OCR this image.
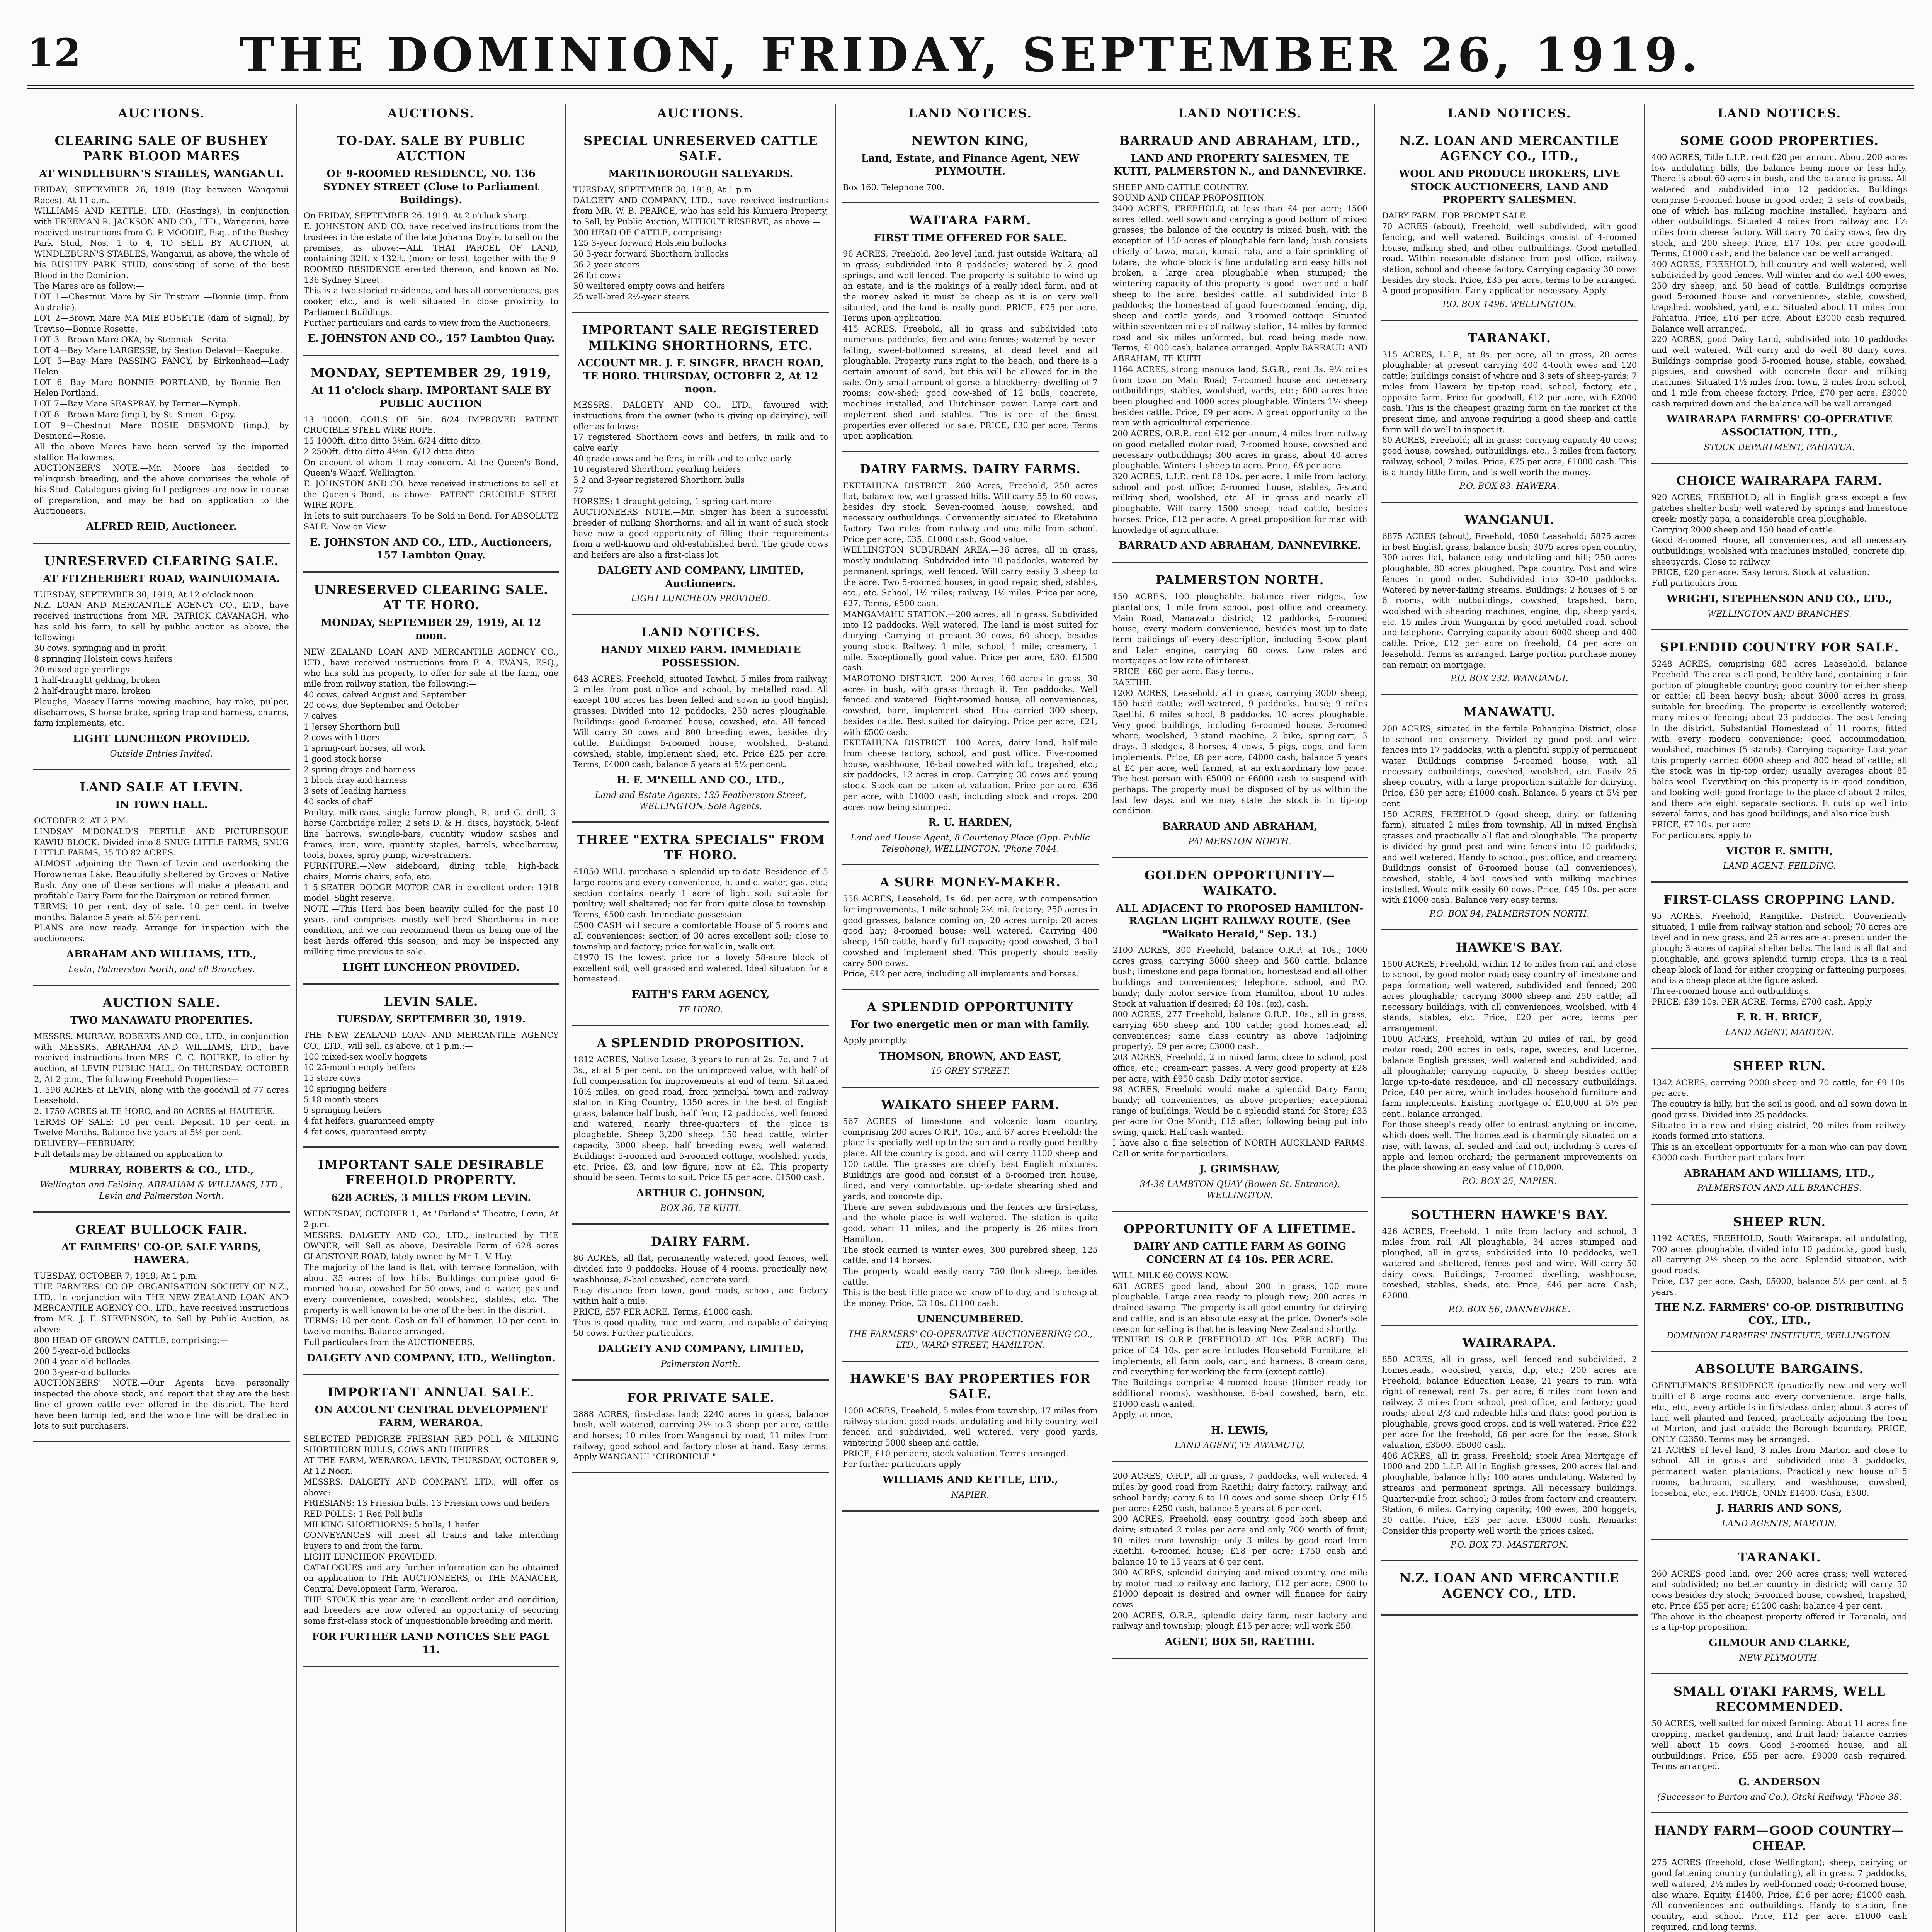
12	THE DOMINION, FRIDAY, SEPTEMBER 26, 1919.
AUCTIONS.
CLEARING SALE OF BUSHEY PARK BLOOD MARES
AT WINDLEBURN'S STABLES, WANGANUI.
FRIDAY, SEPTEMBER 26, 1919 (Day between Wanganui Races), At 11 a.m.
WILLIAMS AND KETTLE, LTD. (Hastings), in conjunction with FREEMAN R. JACKSON AND CO., LTD., Wanganui, have received instructions from G. P. MOODIE, Esq., of the Bushey Park Stud, Nos. 1 to 4, TO SELL BY AUCTION, at WINDLEBURN'S STABLES, Wanganui, as above, the whole of his BUSHEY PARK STUD, consisting of some of the best Blood in the Dominion.
The Mares are as follow:—
LOT 1—Chestnut Mare by Sir Tristram —Bonnie (imp. from Australia).
LOT 2—Brown Mare MA MIE BOSETTE (dam of Signal), by Treviso—Bonnie Rosette.
LOT 3—Brown Mare OKA, by Stepniak—Serita.
LOT 4—Bay Mare LARGESSE, by Seaton Delaval—Kaepuke.
LOT 5—Bay Mare PASSING FANCY, by Birkenhead—Lady Helen.
LOT 6—Bay Mare BONNIE PORTLAND, by Bonnie Ben—Helen Portland.
LOT 7—Bay Mare SEASPRAY, by Terrier—Nymph.
LOT 8—Brown Mare (imp.), by St. Simon—Gipsy.
LOT 9—Chestnut Mare ROSIE DESMOND (imp.), by Desmond—Rosie.
All the above Mares have been served by the imported stallion Hallowmas.
AUCTIONEER'S NOTE.—Mr. Moore has decided to relinquish breeding, and the above comprises the whole of his Stud. Catalogues giving full pedigrees are now in course of preparation, and may be had on application to the Auctioneers.
ALFRED REID, Auctioneer.
UNRESERVED CLEARING SALE.
AT FITZHERBERT ROAD, WAINUIOMATA.
TUESDAY, SEPTEMBER 30, 1919, At 12 o'clock noon.
N.Z. LOAN AND MERCANTILE AGENCY CO., LTD., have received instructions from MR. PATRICK CAVANAGH, who has sold his farm, to sell by public auction as above, the following:—
30 cows, springing and in profit
8 springing Holstein cows heifers
20 mixed age yearlings
1 half-draught gelding, broken
2 half-draught mare, broken
Ploughs, Massey-Harris mowing machine, hay rake, pulper, discharrows, S-horse brake, spring trap and harness, churns, farm implements, etc.
LIGHT LUNCHEON PROVIDED.
Outside Entries Invited.
LAND SALE AT LEVIN.
IN TOWN HALL.
OCTOBER 2. AT 2 P.M.
LINDSAY M'DONALD'S FERTILE AND PICTURESQUE KAWIU BLOCK. Divided into 8 SNUG LITTLE FARMS, SNUG LITTLE FARMS, 35 TO 82 ACRES.
ALMOST adjoining the Town of Levin and overlooking the Horowhenua Lake. Beautifully sheltered by Groves of Native Bush. Any one of these sections will make a pleasant and profitable Dairy Farm for the Dairyman or retired farmer.
TERMS: 10 per cent. day of sale. 10 per cent. in twelve months. Balance 5 years at 5½ per cent.
PLANS are now ready. Arrange for inspection with the auctioneers.
ABRAHAM AND WILLIAMS, LTD.,
Levin, Palmerston North, and all Branches.
AUCTION SALE.
TWO MANAWATU PROPERTIES.
MESSRS. MURRAY, ROBERTS AND CO., LTD., in conjunction with MESSRS. ABRAHAM AND WILLIAMS, LTD., have received instructions from MRS. C. C. BOURKE, to offer by auction, at LEVIN PUBLIC HALL, On THURSDAY, OCTOBER 2, At 2 p.m., The following Freehold Properties:—
1. 596 ACRES at LEVIN, along with the goodwill of 77 acres Leasehold.
2. 1750 ACRES at TE HORO, and 80 ACRES at HAUTERE.
TERMS OF SALE: 10 per cent. Deposit. 10 per cent. in Twelve Months. Balance five years at 5½ per cent.
DELIVERY—FEBRUARY.
Full details may be obtained on application to
MURRAY, ROBERTS & CO., LTD.,
Wellington and Feilding. ABRAHAM & WILLIAMS, LTD., Levin and Palmerston North.
GREAT BULLOCK FAIR.
AT FARMERS' CO-OP. SALE YARDS, HAWERA.
TUESDAY, OCTOBER 7, 1919, At 1 p.m.
THE FARMERS' CO-OP. ORGANISATION SOCIETY OF N.Z., LTD., in conjunction with THE NEW ZEALAND LOAN AND MERCANTILE AGENCY CO., LTD., have received instructions from MR. J. F. STEVENSON, to Sell by Public Auction, as above:—
800 HEAD OF GROWN CATTLE, comprising:—
200 5-year-old bullocks
200 4-year-old bullocks
200 3-year-old bullocks
AUCTIONEERS' NOTE.—Our Agents have personally inspected the above stock, and report that they are the best line of grown cattle ever offered in the district. The herd have been turnip fed, and the whole line will be drafted in lots to suit purchasers.
AUCTIONS.
TO-DAY. SALE BY PUBLIC AUCTION
OF 9-ROOMED RESIDENCE, NO. 136 SYDNEY STREET (Close to Parliament Buildings).
On FRIDAY, SEPTEMBER 26, 1919, At 2 o'clock sharp.
E. JOHNSTON AND CO. have received instructions from the trustees in the estate of the late Johanna Doyle, to sell on the premises, as above:—ALL THAT PARCEL OF LAND, containing 32ft. x 132ft. (more or less), together with the 9-ROOMED RESIDENCE erected thereon, and known as No. 136 Sydney Street.
This is a two-storied residence, and has all conveniences, gas cooker, etc., and is well situated in close proximity to Parliament Buildings.
Further particulars and cards to view from the Auctioneers,
E. JOHNSTON AND CO., 157 Lambton Quay.
MONDAY, SEPTEMBER 29, 1919,
At 11 o'clock sharp. IMPORTANT SALE BY PUBLIC AUCTION
13 1000ft. COILS OF 5in. 6/24 IMPROVED PATENT CRUCIBLE STEEL WIRE ROPE.
15 1000ft. ditto ditto 3½in. 6/24 ditto ditto.
2 2500ft. ditto ditto 4½in. 6/12 ditto ditto.
On account of whom it may concern. At the Queen's Bond, Queen's Wharf, Wellington.
E. JOHNSTON AND CO. have received instructions to sell at the Queen's Bond, as above:—PATENT CRUCIBLE STEEL WIRE ROPE.
In lots to suit purchasers. To be Sold in Bond. For ABSOLUTE SALE. Now on View.
E. JOHNSTON AND CO., LTD., Auctioneers, 157 Lambton Quay.
UNRESERVED CLEARING SALE. AT TE HORO.
MONDAY, SEPTEMBER 29, 1919, At 12 noon.
NEW ZEALAND LOAN AND MERCANTILE AGENCY CO., LTD., have received instructions from F. A. EVANS, ESQ., who has sold his property, to offer for sale at the farm, one mile from railway station, the following:—
40 cows, calved August and September
20 cows, due September and October
7 calves
1 Jersey Shorthorn bull
2 cows with litters
1 spring-cart horses, all work
1 good stock horse
2 spring drays and harness
1 block dray and harness
3 sets of leading harness
40 sacks of chaff
Poultry, milk-cans, single furrow plough, R. and G. drill, 3-horse Cambridge roller, 2 sets D. & H. discs, haystack, 5-leaf line harrows, swingle-bars, quantity window sashes and frames, iron, wire, quantity staples, barrels, wheelbarrow, tools, boxes, spray pump, wire-strainers.
FURNITURE.—New sideboard, dining table, high-back chairs, Morris chairs, sofa, etc.
1 5-SEATER DODGE MOTOR CAR in excellent order; 1918 model. Slight reserve.
NOTE.—This Herd has been heavily culled for the past 10 years, and comprises mostly well-bred Shorthorns in nice condition, and we can recommend them as being one of the best herds offered this season, and may be inspected any milking time previous to sale.
LIGHT LUNCHEON PROVIDED.
LEVIN SALE.
TUESDAY, SEPTEMBER 30, 1919.
THE NEW ZEALAND LOAN AND MERCANTILE AGENCY CO., LTD., will sell, as above, at 1 p.m.:—
100 mixed-sex woolly hoggets
10 25-month empty heifers
15 store cows
10 springing heifers
5 18-month steers
5 springing heifers
4 fat heifers, guaranteed empty
4 fat cows, guaranteed empty
IMPORTANT SALE DESIRABLE FREEHOLD PROPERTY.
628 ACRES, 3 MILES FROM LEVIN.
WEDNESDAY, OCTOBER 1, At "Farland's" Theatre, Levin, At 2 p.m.
MESSRS. DALGETY AND CO., LTD., instructed by THE OWNER, will Sell as above, Desirable Farm of 628 acres GLADSTONE ROAD, lately owned by Mr. L. V. Hay.
The majority of the land is flat, with terrace formation, with about 35 acres of low hills. Buildings comprise good 6-roomed house, cowshed for 50 cows, and c. water, gas and every convenience, cowshed, woolshed, stables, etc. The property is well known to be one of the best in the district.
TERMS: 10 per cent. Cash on fall of hammer. 10 per cent. in twelve months. Balance arranged.
Full particulars from the AUCTIONEERS,
DALGETY AND COMPANY, LTD., Wellington.
IMPORTANT ANNUAL SALE.
ON ACCOUNT CENTRAL DEVELOPMENT FARM, WERAROA.
SELECTED PEDIGREE FRIESIAN RED POLL & MILKING SHORTHORN BULLS, COWS AND HEIFERS.
AT THE FARM, WERAROA, LEVIN, THURSDAY, OCTOBER 9, At 12 Noon.
MESSRS. DALGETY AND COMPANY, LTD., will offer as above:—
FRIESIANS: 13 Friesian bulls, 13 Friesian cows and heifers
RED POLLS: 1 Red Poll bulls
MILKING SHORTHORNS: 5 bulls, 1 heifer
CONVEYANCES will meet all trains and take intending buyers to and from the farm.
LIGHT LUNCHEON PROVIDED.
CATALOGUES and any further information can be obtained on application to THE AUCTIONEERS, or THE MANAGER, Central Development Farm, Weraroa.
THE STOCK this year are in excellent order and condition, and breeders are now offered an opportunity of securing some first-class stock of unquestionable breeding and merit.
FOR FURTHER LAND NOTICES SEE PAGE 11.
AUCTIONS.
SPECIAL UNRESERVED CATTLE SALE.
MARTINBOROUGH SALEYARDS.
TUESDAY, SEPTEMBER 30, 1919, At 1 p.m.
DALGETY AND COMPANY, LTD., have received instructions from MR. W. B. PEARCE, who has sold his Kunuera Property, to Sell, by Public Auction, WITHOUT RESERVE, as above:—
300 HEAD OF CATTLE, comprising:
125 3-year forward Holstein bullocks
30 3-year forward Shorthorn bullocks
36 2-year steers
26 fat cows
30 weiltered empty cows and heifers
25 well-bred 2½-year steers
IMPORTANT SALE REGISTERED MILKING SHORTHORNS, ETC.
ACCOUNT MR. J. F. SINGER, BEACH ROAD, TE HORO. THURSDAY, OCTOBER 2, At 12 noon.
MESSRS. DALGETY AND CO., LTD., favoured with instructions from the owner (who is giving up dairying), will offer as follows:—
17 registered Shorthorn cows and heifers, in milk and to calve early
40 grade cows and heifers, in milk and to calve early
10 registered Shorthorn yearling heifers
3 2 and 3-year registered Shorthorn bulls
77
HORSES: 1 draught gelding, 1 spring-cart mare
AUCTIONEERS' NOTE.—Mr. Singer has been a successful breeder of milking Shorthorns, and all in want of such stock have now a good opportunity of filling their requirements from a well-known and old-established herd. The grade cows and heifers are also a first-class lot.
DALGETY AND COMPANY, LIMITED, Auctioneers.
LIGHT LUNCHEON PROVIDED.
LAND NOTICES.
HANDY MIXED FARM. IMMEDIATE POSSESSION.
643 ACRES, Freehold, situated Tawhai, 5 miles from railway, 2 miles from post office and school, by metalled road. All except 100 acres has been felled and sown in good English grasses. Divided into 12 paddocks, 250 acres ploughable. Buildings: good 6-roomed house, cowshed, etc. All fenced. Will carry 30 cows and 800 breeding ewes, besides dry cattle. Buildings: 5-roomed house, woolshed, 5-stand cowshed, stable, implement shed, etc. Price £25 per acre. Terms, £4000 cash, balance 5 years at 5½ per cent.
H. F. M'NEILL AND CO., LTD.,
Land and Estate Agents, 135 Featherston Street, WELLINGTON, Sole Agents.
THREE "EXTRA SPECIALS" FROM TE HORO.
£1050 WILL purchase a splendid up-to-date Residence of 5 large rooms and every convenience, h. and c. water, gas, etc.; section contains nearly 1 acre of light soil; suitable for poultry; well sheltered; not far from quite close to township. Terms, £500 cash. Immediate possession.
£500 CASH will secure a comfortable House of 5 rooms and all conveniences; section of 30 acres excellent soil; close to township and factory; price for walk-in, walk-out.
£1970 IS the lowest price for a lovely 58-acre block of excellent soil, well grassed and watered. Ideal situation for a homestead.
FAITH'S FARM AGENCY,
TE HORO.
A SPLENDID PROPOSITION.
1812 ACRES, Native Lease, 3 years to run at 2s. 7d. and 7 at 3s., at at 5 per cent. on the unimproved value, with half of full compensation for improvements at end of term. Situated 10½ miles, on good road, from principal town and railway station in King Country; 1350 acres in the best of English grass, balance half bush, half fern; 12 paddocks, well fenced and watered, nearly three-quarters of the place is ploughable. Sheep 3,200 sheep, 150 head cattle; winter capacity, 3000 sheep, half breeding ewes; well watered. Buildings: 5-roomed and 5-roomed cottage, woolshed, yards, etc. Price, £3, and low figure, now at £2. This property should be seen. Terms to suit. Price £5 per acre. £1500 cash.
ARTHUR C. JOHNSON,
BOX 36, TE KUITI.
DAIRY FARM.
86 ACRES, all flat, permanently watered, good fences, well divided into 9 paddocks. House of 4 rooms, practically new, washhouse, 8-bail cowshed, concrete yard.
Easy distance from town, good roads, school, and factory within half a mile.
PRICE, £57 PER ACRE. Terms, £1000 cash.
This is good quality, nice and warm, and capable of dairying 50 cows. Further particulars,
DALGETY AND COMPANY, LIMITED,
Palmerston North.
FOR PRIVATE SALE.
2888 ACRES, first-class land; 2240 acres in grass, balance bush, well watered, carrying 2½ to 3 sheep per acre, cattle and horses; 10 miles from Wanganui by road, 11 miles from railway; good school and factory close at hand. Easy terms. Apply WANGANUI "CHRONICLE."
LAND NOTICES.
NEWTON KING,
Land, Estate, and Finance Agent, NEW PLYMOUTH.
Box 160. Telephone 700.
WAITARA FARM.
FIRST TIME OFFERED FOR SALE.
96 ACRES, Freehold, 2eo level land, just outside Waitara; all in grass; subdivided into 8 paddocks; watered by 2 good springs, and well fenced. The property is suitable to wind up an estate, and is the makings of a really ideal farm, and at the money asked it must be cheap as it is on very well situated, and the land is really good. PRICE, £75 per acre. Terms upon application.
415 ACRES, Freehold, all in grass and subdivided into numerous paddocks, five and wire fences; watered by never-failing, sweet-bottomed streams; all dead level and all ploughable. Property runs right to the beach, and there is a certain amount of sand, but this will be allowed for in the sale. Only small amount of gorse, a blackberry; dwelling of 7 rooms; cow-shed; good cow-shed of 12 bails, concrete, machines installed, and Hutchinson power. Large cart and implement shed and stables. This is one of the finest properties ever offered for sale. PRICE, £30 per acre. Terms upon application.
DAIRY FARMS. DAIRY FARMS.
EKETAHUNA DISTRICT.—260 Acres, Freehold, 250 acres flat, balance low, well-grassed hills. Will carry 55 to 60 cows, besides dry stock. Seven-roomed house, cowshed, and necessary outbuildings. Conveniently situated to Eketahuna factory. Two miles from railway and one mile from school. Price per acre, £35. £1000 cash. Good value.
WELLINGTON SUBURBAN AREA.—36 acres, all in grass, mostly undulating. Subdivided into 10 paddocks, watered by permanent springs, well fenced. Will carry easily 3 sheep to the acre. Two 5-roomed houses, in good repair, shed, stables, etc., etc. School, 1½ miles; railway, 1½ miles. Price per acre, £27. Terms, £500 cash.
MANGAMAHU STATION.—200 acres, all in grass. Subdivided into 12 paddocks. Well watered. The land is most suited for dairying. Carrying at present 30 cows, 60 sheep, besides young stock. Railway, 1 mile; school, 1 mile; creamery, 1 mile. Exceptionally good value. Price per acre, £30. £1500 cash.
MAROTONO DISTRICT.—200 Acres, 160 acres in grass, 30 acres in bush, with grass through it. Ten paddocks. Well fenced and watered. Eight-roomed house, all conveniences, cowshed, barn, implement shed. Has carried 300 sheep, besides cattle. Best suited for dairying. Price per acre, £21, with £500 cash.
EKETAHUNA DISTRICT.—100 Acres, dairy land, half-mile from cheese factory, school, and post office. Five-roomed house, washhouse, 16-bail cowshed with loft, trapshed, etc.; six paddocks, 12 acres in crop. Carrying 30 cows and young stock. Stock can be taken at valuation. Price per acre, £36 per acre, with £1000 cash, including stock and crops. 200 acres now being stumped.
R. U. HARDEN,
Land and House Agent, 8 Courtenay Place (Opp. Public Telephone), WELLINGTON. 'Phone 7044.
A SURE MONEY-MAKER.
558 ACRES, Leasehold, 1s. 6d. per acre, with compensation for improvements, 1 mile school; 2½ mi. factory; 250 acres in good grasses, balance coming on; 20 acres turnip; 20 acres good hay; 8-roomed house; well watered. Carrying 400 sheep, 150 cattle, hardly full capacity; good cowshed, 3-bail cowshed and implement shed. This property should easily carry 500 cows.
Price, £12 per acre, including all implements and horses.
A SPLENDID OPPORTUNITY
For two energetic men or man with family.
Apply promptly,
THOMSON, BROWN, AND EAST,
15 GREY STREET.
WAIKATO SHEEP FARM.
567 ACRES of limestone and volcanic loam country, comprising 200 acres O.R.P., 10s., and 67 acres Freehold; the place is specially well up to the sun and a really good healthy place. All the country is good, and will carry 1100 sheep and 100 cattle. The grasses are chiefly best English mixtures. Buildings are good and consist of a 5-roomed iron house, lined, and very comfortable, up-to-date shearing shed and yards, and concrete dip.
There are seven subdivisions and the fences are first-class, and the whole place is well watered. The station is quite good, wharf 11 miles, and the property is 26 miles from Hamilton.
The stock carried is winter ewes, 300 purebred sheep, 125 cattle, and 14 horses.
The property would easily carry 750 flock sheep, besides cattle.
This is the best little place we know of to-day, and is cheap at the money. Price, £3 10s. £1100 cash.
UNENCUMBERED.
THE FARMERS' CO-OPERATIVE AUCTIONEERING CO., LTD., WARD STREET, HAMILTON.
HAWKE'S BAY PROPERTIES FOR SALE.
1000 ACRES, Freehold, 5 miles from township, 17 miles from railway station, good roads, undulating and hilly country, well fenced and subdivided, well watered, very good yards, wintering 5000 sheep and cattle.
PRICE, £10 per acre, stock valuation. Terms arranged.
For further particulars apply
WILLIAMS AND KETTLE, LTD.,
NAPIER.
LAND NOTICES.
BARRAUD AND ABRAHAM, LTD.,
LAND AND PROPERTY SALESMEN, TE KUITI, PALMERSTON N., and DANNEVIRKE.
SHEEP AND CATTLE COUNTRY.
SOUND AND CHEAP PROPOSITION.
3400 ACRES, FREEHOLD, at less than £4 per acre; 1500 acres felled, well sown and carrying a good bottom of mixed grasses; the balance of the country is mixed bush, with the exception of 150 acres of ploughable fern land; bush consists chiefly of tawa, matai, kamai, rata, and a fair sprinkling of totara; the whole block is fine undulating and easy hills not broken, a large area ploughable when stumped; the wintering capacity of this property is good—over and a half sheep to the acre, besides cattle; all subdivided into 8 paddocks; the homestead of good four-roomed fencing, dip, sheep and cattle yards, and 3-roomed cottage. Situated within seventeen miles of railway station, 14 miles by formed road and six miles unformed, but road being made now. Terms, £1000 cash, balance arranged. Apply BARRAUD AND ABRAHAM, TE KUITI.
1164 ACRES, strong manuka land, S.G.R., rent 3s. 9¼ miles from town on Main Road; 7-roomed house and necessary outbuildings, stables, woolshed, yards, etc.; 600 acres have been ploughed and 1000 acres ploughable. Winters 1½ sheep besides cattle. Price, £9 per acre. A great opportunity to the man with agricultural experience.
200 ACRES, O.R.P., rent £12 per annum, 4 miles from railway on good metalled motor road; 7-roomed house, cowshed and necessary outbuildings; 300 acres in grass, about 40 acres ploughable. Winters 1 sheep to acre. Price, £8 per acre.
320 ACRES, L.I.P., rent £8 10s. per acre, 1 mile from factory, school and post office; 5-roomed house, stables, 5-stand milking shed, woolshed, etc. All in grass and nearly all ploughable. Will carry 1500 sheep, head cattle, besides horses. Price, £12 per acre. A great proposition for man with knowledge of agriculture.
BARRAUD AND ABRAHAM, DANNEVIRKE.
PALMERSTON NORTH.
150 ACRES, 100 ploughable, balance river ridges, few plantations, 1 mile from school, post office and creamery. Main Road, Manawatu district; 12 paddocks, 5-roomed house, every modern convenience, besides most up-to-date farm buildings of every description, including 5-cow plant and Laler engine, carrying 60 cows. Low rates and mortgages at low rate of interest.
PRICE—£60 per acre. Easy terms.
RAETIHI.
1200 ACRES, Leasehold, all in grass, carrying 3000 sheep, 150 head cattle; well-watered, 9 paddocks, house; 9 miles Raetihi, 6 miles school; 8 paddocks; 10 acres ploughable. Very good buildings, including 6-roomed house, 3-roomed whare, woolshed, 3-stand machine, 2 bike, spring-cart, 3 drays, 3 sledges, 8 horses, 4 cows, 5 pigs, dogs, and farm implements. Price, £8 per acre, £4000 cash, balance 5 years at £4 per acre, well farmed, at an extraordinary low price. The best person with £5000 or £6000 cash to suspend with perhaps. The property must be disposed of by us within the last few days, and we may state the stock is in tip-top condition.
BARRAUD AND ABRAHAM,
PALMERSTON NORTH.
GOLDEN OPPORTUNITY—WAIKATO.
ALL ADJACENT TO PROPOSED HAMILTON-RAGLAN LIGHT RAILWAY ROUTE. (See "Waikato Herald," Sep. 13.)
2100 ACRES, 300 Freehold, balance O.R.P. at 10s.; 1000 acres grass, carrying 3000 sheep and 560 cattle, balance bush; limestone and papa formation; homestead and all other buildings and conveniences; telephone, school, and P.O. handy; daily motor service from Hamilton, about 10 miles. Stock at valuation if desired; £8 10s. (ex), cash.
800 ACRES, 277 Freehold, balance O.R.P., 10s., all in grass; carrying 650 sheep and 100 cattle; good homestead; all conveniences; same class country as above (adjoining property). £9 per acre; £3000 cash.
203 ACRES, Freehold, 2 in mixed farm, close to school, post office, etc.; cream-cart passes. A very good property at £28 per acre, with £950 cash. Daily motor service.
98 ACRES, Freehold would make a splendid Dairy Farm; handy; all conveniences, as above properties; exceptional range of buildings. Would be a splendid stand for Store; £33 per acre for One Month; £15 after; following being put into swing, quick. Half cash wanted.
I have also a fine selection of NORTH AUCKLAND FARMS. Call or write for particulars.
J. GRIMSHAW,
34-36 LAMBTON QUAY (Bowen St. Entrance), WELLINGTON.
OPPORTUNITY OF A LIFETIME.
DAIRY AND CATTLE FARM AS GOING CONCERN AT £4 10s. PER ACRE.
WILL MILK 60 COWS NOW.
631 ACRES good land, about 200 in grass, 100 more ploughable. Large area ready to plough now; 200 acres in drained swamp. The property is all good country for dairying and cattle, and is an absolute easy at the price. Owner's sole reason for selling is that he is leaving New Zealand shortly.
TENURE IS O.R.P. (FREEHOLD AT 10s. PER ACRE). The price of £4 10s. per acre includes Household Furniture, all implements, all farm tools, cart, and harness, 8 cream cans, and everything for working the farm (except cattle).
The Buildings comprise 4-roomed house (timber ready for additional rooms), washhouse, 6-bail cowshed, barn, etc. £1000 cash wanted.
Apply, at once,
H. LEWIS,
LAND AGENT, TE AWAMUTU.
200 ACRES, O.R.P., all in grass, 7 paddocks, well watered, 4 miles by good road from Raetihi; dairy factory, railway, and school handy; carry 8 to 10 cows and some sheep. Only £15 per acre; £250 cash, balance 5 years at 6 per cent.
200 ACRES, Freehold, easy country, good both sheep and dairy; situated 2 miles per acre and only 700 worth of fruit; 10 miles from township; only 3 miles by good road from Raetihi. 6-roomed house; £18 per acre; £750 cash and balance 10 to 15 years at 6 per cent.
300 ACRES, splendid dairying and mixed country, one mile by motor road to railway and factory; £12 per acre; £900 to £1000 deposit is desired and owner will finance for dairy cows.
200 ACRES, O.R.P., splendid dairy farm, near factory and railway and township; plough £15 per acre; will work £50.
AGENT, BOX 58, RAETIHI.
LAND NOTICES.
N.Z. LOAN AND MERCANTILE AGENCY CO., LTD.,
WOOL AND PRODUCE BROKERS, LIVE STOCK AUCTIONEERS, LAND AND PROPERTY SALESMEN.
DAIRY FARM. FOR PROMPT SALE.
70 ACRES (about), Freehold, well subdivided, with good fencing, and well watered. Buildings consist of 4-roomed house, milking shed, and other outbuildings. Good metalled road. Within reasonable distance from post office, railway station, school and cheese factory. Carrying capacity 30 cows besides dry stock. Price, £35 per acre, terms to be arranged. A good proposition. Early application necessary. Apply—
P.O. BOX 1496. WELLINGTON.
TARANAKI.
315 ACRES, L.I.P., at 8s. per acre, all in grass, 20 acres ploughable; at present carrying 400 4-tooth ewes and 120 cattle; buildings consist of whare and 3 sets of sheep-yards; 7 miles from Hawera by tip-top road, school, factory, etc., opposite farm. Price for goodwill, £12 per acre, with £2000 cash. This is the cheapest grazing farm on the market at the present time, and anyone requiring a good sheep and cattle farm will do well to inspect it.
80 ACRES, Freehold; all in grass; carrying capacity 40 cows; good house, cowshed, outbuildings, etc., 3 miles from factory, railway, school, 2 miles. Price, £75 per acre, £1000 cash. This is a handy little farm, and is well worth the money.
P.O. BOX 83. HAWERA.
WANGANUI.
6875 ACRES (about), Freehold, 4050 Leasehold; 5875 acres in best English grass, balance bush; 3075 acres open country, 300 acres flat, balance easy undulating and hill; 250 acres ploughable; 80 acres ploughed. Papa country. Post and wire fences in good order. Subdivided into 30-40 paddocks. Watered by never-failing streams. Buildings: 2 houses of 5 or 6 rooms, with outbuildings, cowshed, trapshed, barn, woolshed with shearing machines, engine, dip, sheep yards, etc. 15 miles from Wanganui by good metalled road, school and telephone. Carrying capacity about 6000 sheep and 400 cattle. Price, £12 per acre on freehold, £4 per acre on leasehold. Terms as arranged. Large portion purchase money can remain on mortgage.
P.O. BOX 232. WANGANUI.
MANAWATU.
200 ACRES, situated in the fertile Pohangina District, close to school and creamery. Divided by good post and wire fences into 17 paddocks, with a plentiful supply of permanent water. Buildings comprise 5-roomed house, with all necessary outbuildings, cowshed, woolshed, etc. Easily 25 sheep country, with a large proportion suitable for dairying. Price, £30 per acre; £1000 cash. Balance, 5 years at 5½ per cent.
150 ACRES, FREEHOLD (good sheep, dairy, or fattening farm), situated 2 miles from township. All in mixed English grasses and practically all flat and ploughable. The property is divided by good post and wire fences into 10 paddocks, and well watered. Handy to school, post office, and creamery. Buildings consist of 6-roomed house (all conveniences), cowshed, stable, 4-bail cowshed with milking machines installed. Would milk easily 60 cows. Price, £45 10s. per acre with £1000 cash. Balance very easy terms.
P.O. BOX 94, PALMERSTON NORTH.
HAWKE'S BAY.
1500 ACRES, Freehold, within 12 to miles from rail and close to school, by good motor road; easy country of limestone and papa formation; well watered, subdivided and fenced; 200 acres ploughable; carrying 3000 sheep and 250 cattle; all necessary buildings, with all conveniences, woolshed, with 4 stands, stables, etc. Price, £20 per acre; terms per arrangement.
1000 ACRES, Freehold, within 20 miles of rail, by good motor road; 200 acres in oats, rape, swedes, and lucerne, balance English grasses; well watered and subdivided, and all ploughable; carrying capacity, 5 sheep besides cattle; large up-to-date residence, and all necessary outbuildings. Price, £40 per acre, which includes household furniture and farm implements. Existing mortgage of £10,000 at 5½ per cent., balance arranged.
For those sheep's ready offer to entrust anything on income, which does well. The homestead is charmingly situated on a rise, with lawns, all sealed and laid out, including 3 acres of apple and lemon orchard; the permanent improvements on the place showing an easy value of £10,000.
P.O. BOX 25, NAPIER.
SOUTHERN HAWKE'S BAY.
426 ACRES, Freehold, 1 mile from factory and school, 3 miles from rail. All ploughable, 34 acres stumped and ploughed, all in grass, subdivided into 10 paddocks, well watered and sheltered, fences post and wire. Will carry 50 dairy cows. Buildings, 7-roomed dwelling, washhouse, cowshed, stables, sheds, etc. Price, £46 per acre. Cash, £2000.
P.O. BOX 56, DANNEVIRKE.
WAIRARAPA.
850 ACRES, all in grass, well fenced and subdivided, 2 homesteads, woolshed, yards, dip, etc.; 200 acres are Freehold, balance Education Lease, 21 years to run, with right of renewal; rent 7s. per acre; 6 miles from town and railway, 3 miles from school, post office, and factory; good roads; about 2/3 and rideable hills and flats; good portion is ploughable, grows good crops, and is well watered. Price £22 per acre for the freehold, £6 per acre for the lease. Stock valuation, £3500. £5000 cash.
406 ACRES, all in grass, Freehold; stock Area Mortgage of 1000 and 200 L.I.P. All in English grasses; 200 acres flat and ploughable, balance hilly; 100 acres undulating. Watered by streams and permanent springs. All necessary buildings. Quarter-mile from school; 3 miles from factory and creamery. Station, 6 miles. Carrying capacity, 400 ewes, 200 hoggets, 30 cattle. Price, £23 per acre. £3000 cash. Remarks: Consider this property well worth the prices asked.
P.O. BOX 73. MASTERTON.
N.Z. LOAN AND MERCANTILE AGENCY CO., LTD.
LAND NOTICES.
SOME GOOD PROPERTIES.
400 ACRES, Title L.I.P., rent £20 per annum. About 200 acres low undulating hills, the balance being more or less hilly. There is about 60 acres in bush, and the balance is grass. All watered and subdivided into 12 paddocks. Buildings comprise 5-roomed house in good order, 2 sets of cowbails, one of which has milking machine installed, haybarn and other outbuildings. Situated 4 miles from railway and 1½ miles from cheese factory. Will carry 70 dairy cows, few dry stock, and 200 sheep. Price, £17 10s. per acre goodwill. Terms, £1000 cash, and the balance can be well arranged.
400 ACRES, FREEHOLD, hill country and well watered, well subdivided by good fences. Will winter and do well 400 ewes, 250 dry sheep, and 50 head of cattle. Buildings comprise good 5-roomed house and conveniences, stable, cowshed, trapshed, woolshed, yard, etc. Situated about 11 miles from Pahiatua. Price, £16 per acre. About £3000 cash required. Balance well arranged.
220 ACRES, good Dairy Land, subdivided into 10 paddocks and well watered. Will carry and do well 80 dairy cows. Buildings comprise good 5-roomed house, stable, cowshed, pigsties, and cowshed with concrete floor and milking machines. Situated 1½ miles from town, 2 miles from school, and 1 mile from cheese factory. Price, £70 per acre. £3000 cash required down and the balance will be well arranged.
WAIRARAPA FARMERS' CO-OPERATIVE ASSOCIATION, LTD.,
STOCK DEPARTMENT, PAHIATUA.
CHOICE WAIRARAPA FARM.
920 ACRES, FREEHOLD; all in English grass except a few patches shelter bush; well watered by springs and limestone creek; mostly papa, a considerable area ploughable.
Carrying 2000 sheep and 150 head of cattle.
Good 8-roomed House, all conveniences, and all necessary outbuildings, woolshed with machines installed, concrete dip, sheepyards. Close to railway.
PRICE, £20 per acre. Easy terms. Stock at valuation.
Full particulars from
WRIGHT, STEPHENSON AND CO., LTD.,
WELLINGTON AND BRANCHES.
SPLENDID COUNTRY FOR SALE.
5248 ACRES, comprising 685 acres Leasehold, balance Freehold. The area is all good, healthy land, containing a fair portion of ploughable country; good country for either sheep or cattle; all been heavy bush; about 3000 acres in grass, suitable for breeding. The property is excellently watered; many miles of fencing; about 23 paddocks. The best fencing in the district. Substantial Homestead of 11 rooms, fitted with every modern convenience; good accommodation, woolshed, machines (5 stands). Carrying capacity: Last year this property carried 6000 sheep and 800 head of cattle; all the stock was in tip-top order; usually averages about 85 bales wool. Everything on this property is in good condition, and looking well; good frontage to the place of about 2 miles, and there are eight separate sections. It cuts up well into several farms, and has good buildings, and also nice bush.
PRICE, £7 10s. per acre.
For particulars, apply to
VICTOR E. SMITH,
LAND AGENT, FEILDING.
FIRST-CLASS CROPPING LAND.
95 ACRES, Freehold, Rangitikei District. Conveniently situated, 1 mile from railway station and school; 70 acres are level and in new grass, and 25 acres are at present under the plough; 3 acres of capital shelter belts. The land is all flat and ploughable, and grows splendid turnip crops. This is a real cheap block of land for either cropping or fattening purposes, and is a cheap place at the figure asked.
Three-roomed house and outbuildings.
PRICE, £39 10s. PER ACRE. Terms, £700 cash. Apply
F. R. H. BRICE,
LAND AGENT, MARTON.
SHEEP RUN.
1342 ACRES, carrying 2000 sheep and 70 cattle, for £9 10s. per acre.
The country is hilly, but the soil is good, and all sown down in good grass. Divided into 25 paddocks.
Situated in a new and rising district, 20 miles from railway. Roads formed into stations.
This is an excellent opportunity for a man who can pay down £3000 cash. Further particulars from
ABRAHAM AND WILLIAMS, LTD.,
PALMERSTON AND ALL BRANCHES.
SHEEP RUN.
1192 ACRES, FREEHOLD, South Wairarapa, all undulating; 700 acres ploughable, divided into 10 paddocks, good bush, all carrying 2½ sheep to the acre. Splendid situation, with good roads.
Price, £37 per acre. Cash, £5000; balance 5½ per cent. at 5 years.
THE N.Z. FARMERS' CO-OP. DISTRIBUTING COY., LTD.,
DOMINION FARMERS' INSTITUTE, WELLINGTON.
ABSOLUTE BARGAINS.
GENTLEMAN'S RESIDENCE (practically new and very well built) of 8 large rooms and every convenience, large halls, etc., etc., every article is in first-class order, about 3 acres of land well planted and fenced, practically adjoining the town of Marton, and just outside the Borough boundary. PRICE, ONLY £2350. Terms may be arranged.
21 ACRES of level land, 3 miles from Marton and close to school. All in grass and subdivided into 3 paddocks, permanent water, plantations. Practically new house of 5 rooms, bathroom, scullery, and washhouse, cowshed, loosebox, etc., etc. PRICE, ONLY £1400. Cash, £300.
J. HARRIS AND SONS,
LAND AGENTS, MARTON.
TARANAKI.
260 ACRES good land, over 200 acres grass; well watered and subdivided; no better country in district; will carry 50 cows besides dry stock; 5-roomed house, cowshed, trapshed, etc. Price £35 per acre; £1200 cash; balance 4 per cent.
The above is the cheapest property offered in Taranaki, and is a tip-top proposition.
GILMOUR AND CLARKE,
NEW PLYMOUTH.
SMALL OTAKI FARMS, WELL RECOMMENDED.
50 ACRES, well suited for mixed farming. About 11 acres fine cropping, market gardening, and fruit land; balance carries well about 15 cows. Good 5-roomed house, and all outbuildings. Price, £55 per acre. £9000 cash required. Terms arranged.
G. ANDERSON
(Successor to Barton and Co.), Otaki Railway. 'Phone 38.
HANDY FARM—GOOD COUNTRY—CHEAP.
275 ACRES (freehold, close Wellington); sheep, dairying or good fattening country (undulating), all in grass. 7 paddocks, well watered, 2½ miles by well-formed road; 6-roomed house, also whare, Equity. £1400. Price, £16 per acre; £1000 cash. All conveniences and outbuildings. Handy to station, fine country, and school. Price, £12 per acre. £1000 cash required, and long terms.
